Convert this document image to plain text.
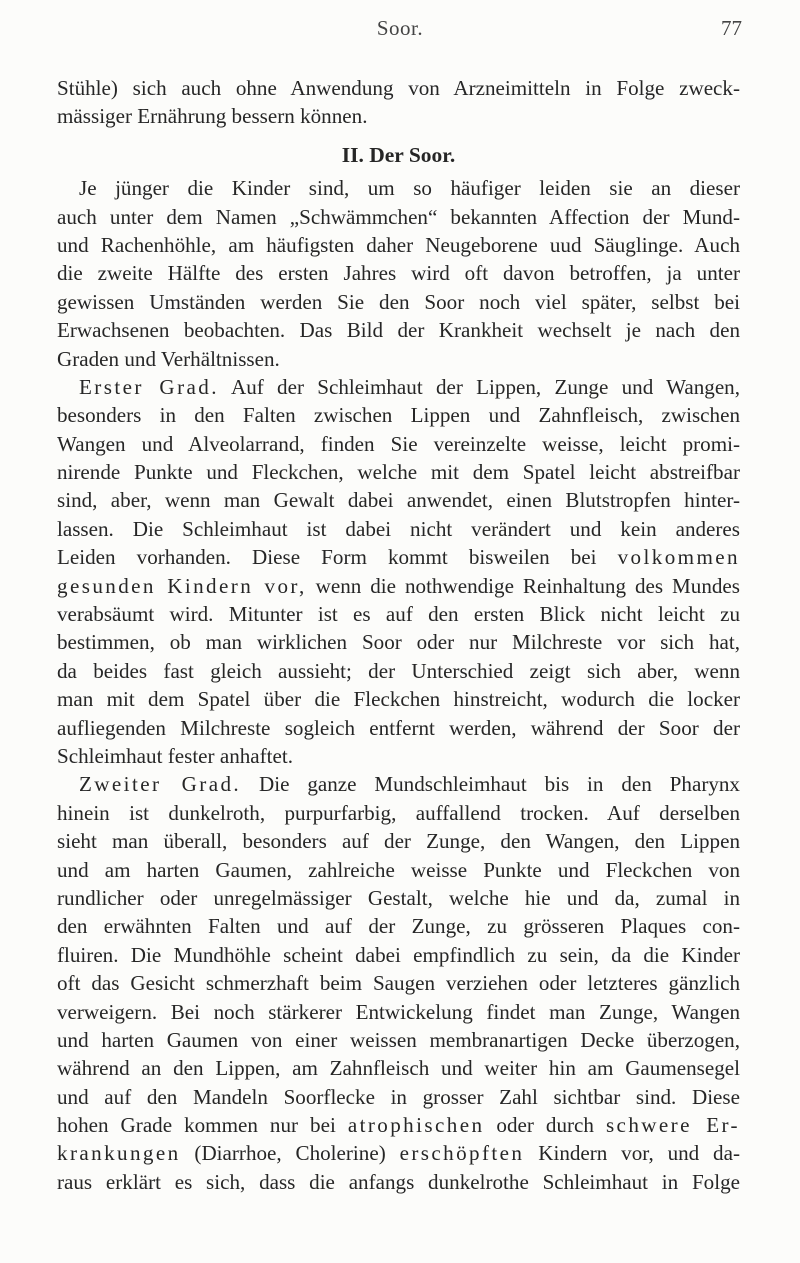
Soor.	77
Stühle) sich auch ohne Anwendung von Arzneimitteln in Folge zweck-
mässiger Ernährung bessern können.
II. Der Soor.
Je jünger die Kinder sind, um so häufiger leiden sie an dieser
auch unter dem Namen „Schwämmchen“ bekannten Affection der Mund-
und Rachenhöhle, am häufigsten daher Neugeborene uud Säuglinge. Auch
die zweite Hälfte des ersten Jahres wird oft davon betroffen, ja unter
gewissen Umständen werden Sie den Soor noch viel später, selbst bei
Erwachsenen beobachten. Das Bild der Krankheit wechselt je nach den
Graden und Verhältnissen.
Erster Grad. Auf der Schleimhaut der Lippen, Zunge und Wangen,
besonders in den Falten zwischen Lippen und Zahnfleisch, zwischen
Wangen und Alveolarrand, finden Sie vereinzelte weisse, leicht promi-
nirende Punkte und Fleckchen, welche mit dem Spatel leicht abstreifbar
sind, aber, wenn man Gewalt dabei anwendet, einen Blutstropfen hinter-
lassen. Die Schleimhaut ist dabei nicht verändert und kein anderes
Leiden vorhanden. Diese Form kommt bisweilen bei volkommen
gesunden Kindern vor, wenn die nothwendige Reinhaltung des Mundes
verabsäumt wird. Mitunter ist es auf den ersten Blick nicht leicht zu
bestimmen, ob man wirklichen Soor oder nur Milchreste vor sich hat,
da beides fast gleich aussieht; der Unterschied zeigt sich aber, wenn
man mit dem Spatel über die Fleckchen hinstreicht, wodurch die locker
aufliegenden Milchreste sogleich entfernt werden, während der Soor der
Schleimhaut fester anhaftet.
Zweiter Grad. Die ganze Mundschleimhaut bis in den Pharynx
hinein ist dunkelroth, purpurfarbig, auffallend trocken. Auf derselben
sieht man überall, besonders auf der Zunge, den Wangen, den Lippen
und am harten Gaumen, zahlreiche weisse Punkte und Fleckchen von
rundlicher oder unregelmässiger Gestalt, welche hie und da, zumal in
den erwähnten Falten und auf der Zunge, zu grösseren Plaques con-
fluiren. Die Mundhöhle scheint dabei empfindlich zu sein, da die Kinder
oft das Gesicht schmerzhaft beim Saugen verziehen oder letzteres gänzlich
verweigern. Bei noch stärkerer Entwickelung findet man Zunge, Wangen
und harten Gaumen von einer weissen membranartigen Decke überzogen,
während an den Lippen, am Zahnfleisch und weiter hin am Gaumensegel
und auf den Mandeln Soorflecke in grosser Zahl sichtbar sind. Diese
hohen Grade kommen nur bei atrophischen oder durch schwere Er-
krankungen (Diarrhoe, Cholerine) erschöpften Kindern vor, und da-
raus erklärt es sich, dass die anfangs dunkelrothe Schleimhaut in Folge
